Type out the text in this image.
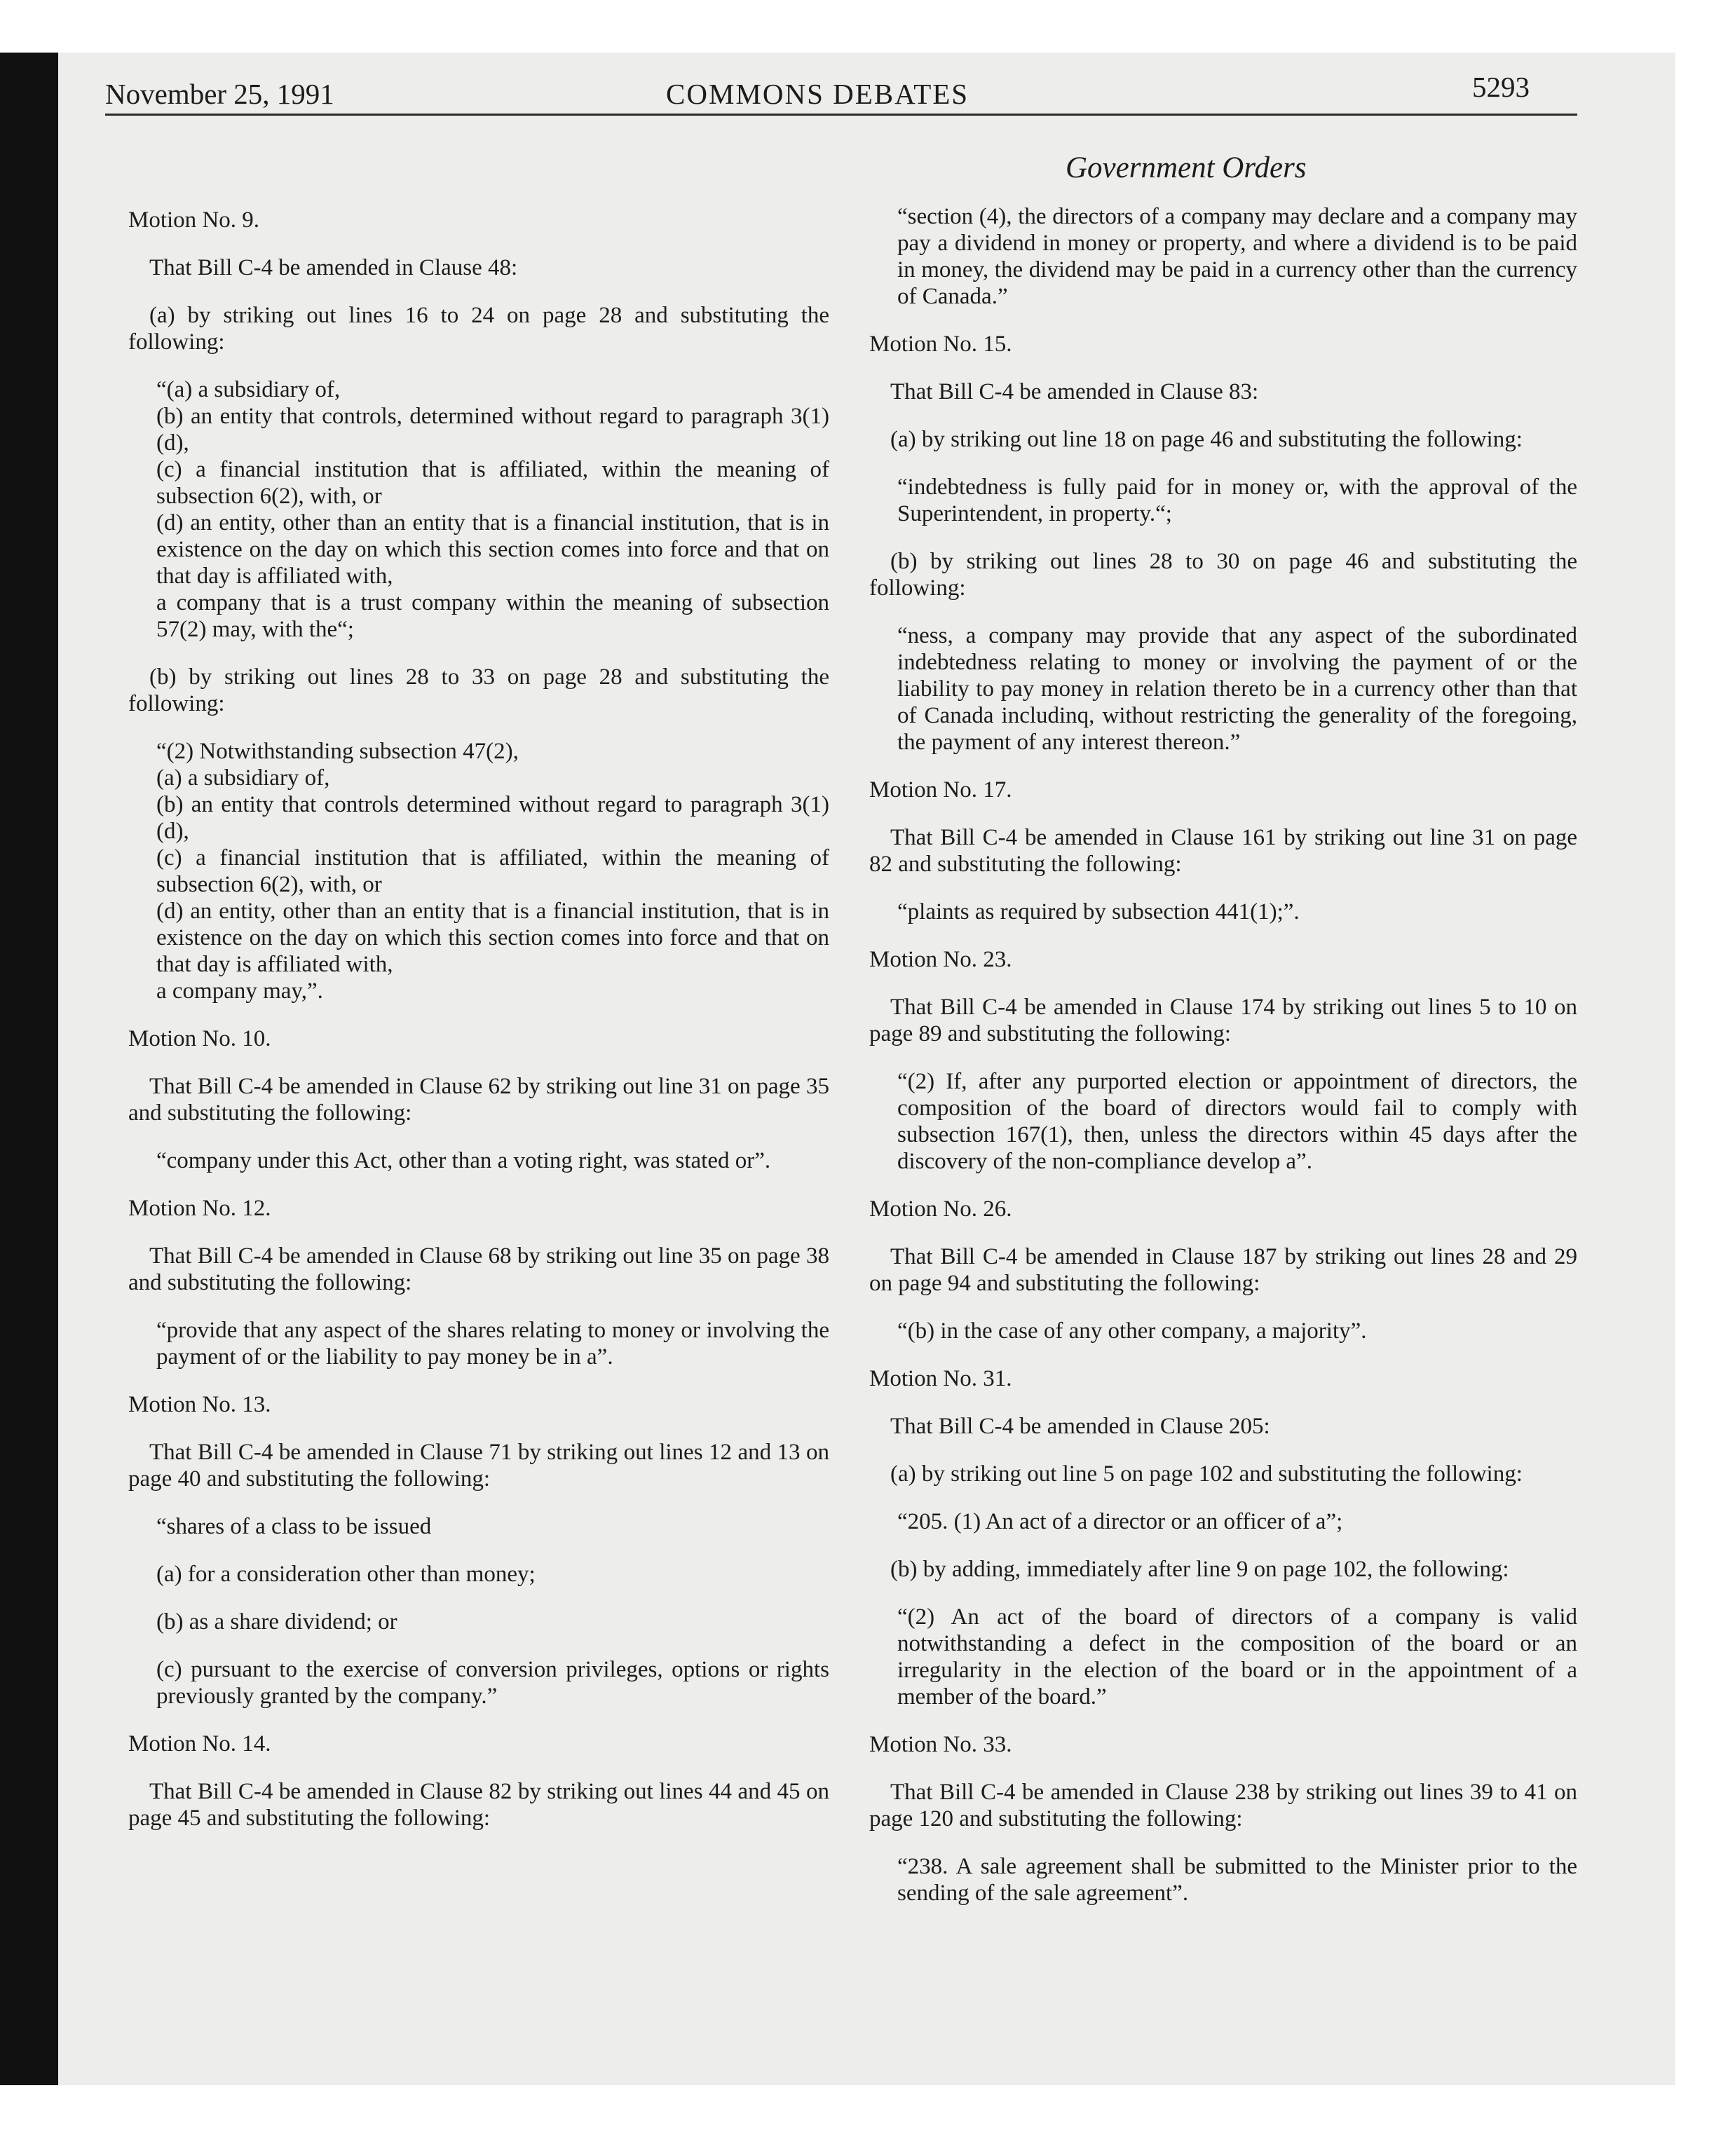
November 25, 1991	COMMONS DEBATES	5293
Government Orders

Motion No. 9.

That Bill C-4 be amended in Clause 48:

(a) by striking out lines 16 to 24 on page 28 and substituting the following:

“(a) a subsidiary of,
(b) an entity that controls, determined without regard to paragraph 3(1)(d),
(c) a financial institution that is affiliated, within the meaning of subsection 6(2), with, or
(d) an entity, other than an entity that is a financial institution, that is in existence on the day on which this section comes into force and that on that day is affiliated with,
a company that is a trust company within the meaning of subsection 57(2) may, with the“;

(b) by striking out lines 28 to 33 on page 28 and substituting the following:

“(2) Notwithstanding subsection 47(2),
(a) a subsidiary of,
(b) an entity that controls determined without regard to paragraph 3(1)(d),
(c) a financial institution that is affiliated, within the meaning of subsection 6(2), with, or
(d) an entity, other than an entity that is a financial institution, that is in existence on the day on which this section comes into force and that on that day is affiliated with,
a company may,”.

Motion No. 10.

That Bill C-4 be amended in Clause 62 by striking out line 31 on page 35 and substituting the following:

“company under this Act, other than a voting right, was stated or”.

Motion No. 12.

That Bill C-4 be amended in Clause 68 by striking out line 35 on page 38 and substituting the following:

“provide that any aspect of the shares relating to money or involving the payment of or the liability to pay money be in a”.

Motion No. 13.

That Bill C-4 be amended in Clause 71 by striking out lines 12 and 13 on page 40 and substituting the following:

“shares of a class to be issued

(a) for a consideration other than money;

(b) as a share dividend; or

(c) pursuant to the exercise of conversion privileges, options or rights previously granted by the company.”

Motion No. 14.

That Bill C-4 be amended in Clause 82 by striking out lines 44 and 45 on page 45 and substituting the following:

“section (4), the directors of a company may declare and a company may pay a dividend in money or property, and where a dividend is to be paid in money, the dividend may be paid in a currency other than the currency of Canada.”

Motion No. 15.

That Bill C-4 be amended in Clause 83:

(a) by striking out line 18 on page 46 and substituting the following:

“indebtedness is fully paid for in money or, with the approval of the Superintendent, in property.“;

(b) by striking out lines 28 to 30 on page 46 and substituting the following:

“ness, a company may provide that any aspect of the subordinated indebtedness relating to money or involving the payment of or the liability to pay money in relation thereto be in a currency other than that of Canada includinq, without restricting the generality of the foregoing, the payment of any interest thereon.”

Motion No. 17.

That Bill C-4 be amended in Clause 161 by striking out line 31 on page 82 and substituting the following:

“plaints as required by subsection 441(1);”.

Motion No. 23.

That Bill C-4 be amended in Clause 174 by striking out lines 5 to 10 on page 89 and substituting the following:

“(2) If, after any purported election or appointment of directors, the composition of the board of directors would fail to comply with subsection 167(1), then, unless the directors within 45 days after the discovery of the non-compliance develop a”.

Motion No. 26.

That Bill C-4 be amended in Clause 187 by striking out lines 28 and 29 on page 94 and substituting the following:

“(b) in the case of any other company, a majority”.

Motion No. 31.

That Bill C-4 be amended in Clause 205:

(a) by striking out line 5 on page 102 and substituting the following:

“205. (1) An act of a director or an officer of a”;

(b) by adding, immediately after line 9 on page 102, the following:

“(2) An act of the board of directors of a company is valid notwithstanding a defect in the composition of the board or an irregularity in the election of the board or in the appointment of a member of the board.”

Motion No. 33.

That Bill C-4 be amended in Clause 238 by striking out lines 39 to 41 on page 120 and substituting the following:

“238. A sale agreement shall be submitted to the Minister prior to the sending of the sale agreement”.
